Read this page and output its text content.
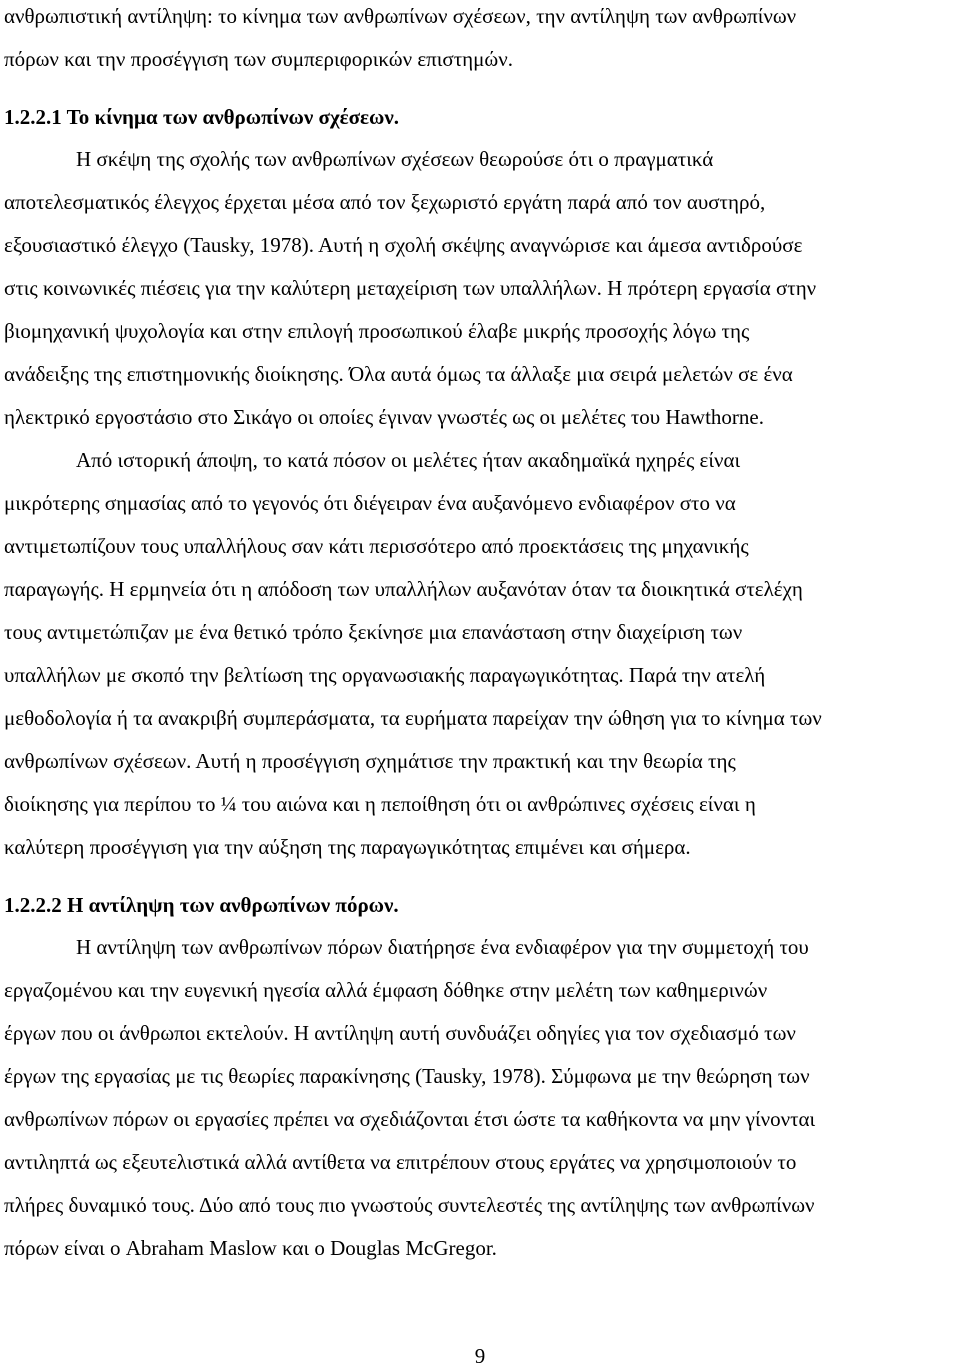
ανθρωπιστική αντίληψη: το κίνημα των ανθρωπίνων σχέσεων, την αντίληψη των ανθρωπίνων
πόρων και την προσέγγιση των συμπεριφορικών επιστημών.
1.2.2.1 Το κίνημα των ανθρωπίνων σχέσεων.
Η σκέψη της σχολής των ανθρωπίνων σχέσεων θεωρούσε ότι ο πραγματικά
αποτελεσματικός έλεγχος έρχεται μέσα από τον ξεχωριστό εργάτη παρά από τον αυστηρό,
εξουσιαστικό έλεγχο (Tausky, 1978). Αυτή η σχολή σκέψης αναγνώρισε και άμεσα αντιδρούσε
στις κοινωνικές πιέσεις για την καλύτερη μεταχείριση των υπαλλήλων. Η πρότερη εργασία στην
βιομηχανική ψυχολογία και στην επιλογή προσωπικού έλαβε μικρής προσοχής λόγω της
ανάδειξης της επιστημονικής διοίκησης. Όλα αυτά όμως τα άλλαξε μια σειρά μελετών σε ένα
ηλεκτρικό εργοστάσιο στο Σικάγο οι οποίες έγιναν γνωστές ως οι μελέτες του Hawthorne.
Από ιστορική άποψη, το κατά πόσον οι μελέτες ήταν ακαδημαϊκά ηχηρές είναι
μικρότερης σημασίας από το γεγονός ότι διέγειραν ένα αυξανόμενο ενδιαφέρον στο να
αντιμετωπίζουν τους υπαλλήλους σαν κάτι περισσότερο από προεκτάσεις της μηχανικής
παραγωγής. Η ερμηνεία ότι η απόδοση των υπαλλήλων αυξανόταν όταν τα διοικητικά στελέχη
τους αντιμετώπιζαν με ένα θετικό τρόπο ξεκίνησε μια επανάσταση στην διαχείριση των
υπαλλήλων με σκοπό την βελτίωση της οργανωσιακής παραγωγικότητας. Παρά την ατελή
μεθοδολογία ή τα ανακριβή συμπεράσματα, τα ευρήματα παρείχαν την ώθηση για το κίνημα των
ανθρωπίνων σχέσεων. Αυτή η προσέγγιση σχημάτισε την πρακτική και την θεωρία της
διοίκησης για περίπου το ¼ του αιώνα και η πεποίθηση ότι οι ανθρώπινες σχέσεις είναι η
καλύτερη προσέγγιση για την αύξηση της παραγωγικότητας επιμένει και σήμερα.
1.2.2.2 Η αντίληψη των ανθρωπίνων πόρων.
Η αντίληψη των ανθρωπίνων πόρων διατήρησε ένα ενδιαφέρον για την συμμετοχή του
εργαζομένου και την ευγενική ηγεσία αλλά έμφαση δόθηκε στην μελέτη των καθημερινών
έργων που οι άνθρωποι εκτελούν. Η αντίληψη αυτή συνδυάζει οδηγίες για τον σχεδιασμό των
έργων της εργασίας με τις θεωρίες παρακίνησης (Tausky, 1978). Σύμφωνα με την θεώρηση των
ανθρωπίνων πόρων οι εργασίες πρέπει να σχεδιάζονται έτσι ώστε τα καθήκοντα να μην γίνονται
αντιληπτά ως εξευτελιστικά αλλά αντίθετα να επιτρέπουν στους εργάτες να χρησιμοποιούν το
πλήρες δυναμικό τους. Δύο από τους πιο γνωστούς συντελεστές της αντίληψης των ανθρωπίνων
πόρων είναι ο Abraham Maslow και ο Douglas McGregor.
9
